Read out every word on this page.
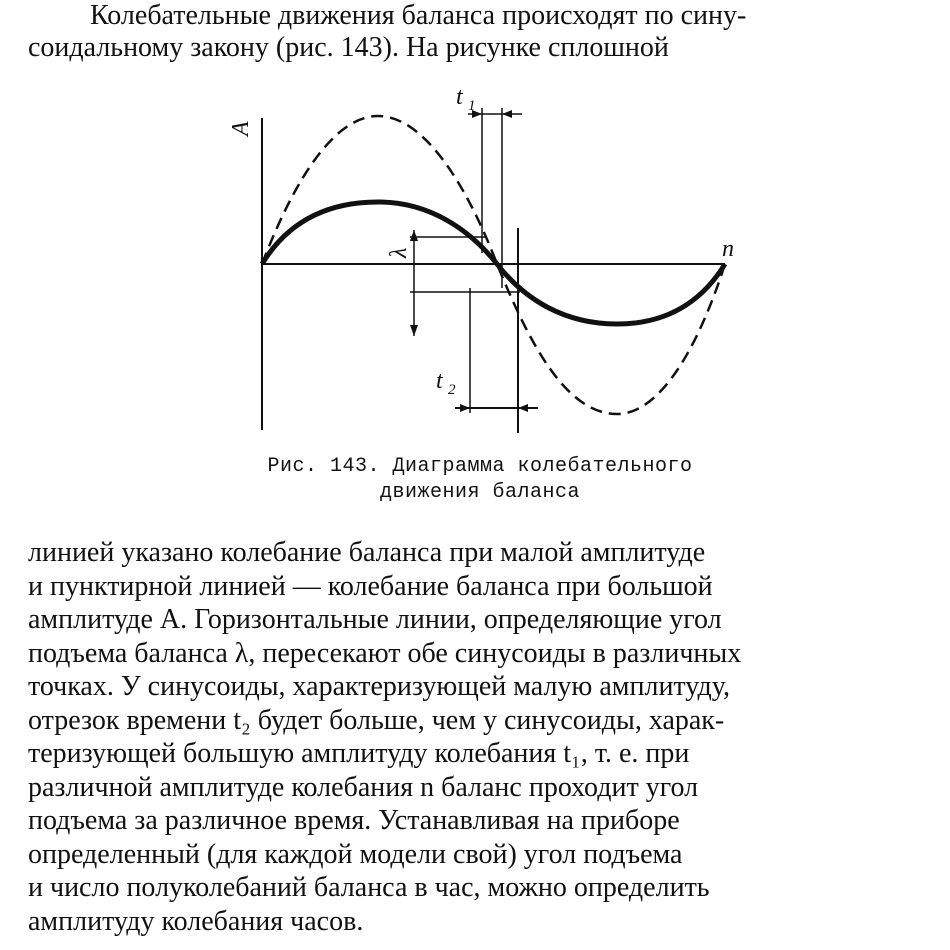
Колебательные движения баланса происходят по сину-
соидальному закону (рис. 143). На рисунке сплошной
A
λ	n
t 1
t 2
Рис. 143. Диаграмма колебательного
движения баланса
линией указано колебание баланса при малой амплитуде
и пунктирной линией — колебание баланса при большой
амплитуде A. Горизонтальные линии, определяющие угол
подъема баланса λ, пересекают обе синусоиды в различных
точках. У синусоиды, характеризующей малую амплитуду,
отрезок времени t₂ будет больше, чем у синусоиды, харак-
теризующей большую амплитуду колебания t₁, т. е. при
различной амплитуде колебания n баланс проходит угол
подъема за различное время. Устанавливая на приборе
определенный (для каждой модели свой) угол подъема
и число полуколебаний баланса в час, можно определить
амплитуду колебания часов.
